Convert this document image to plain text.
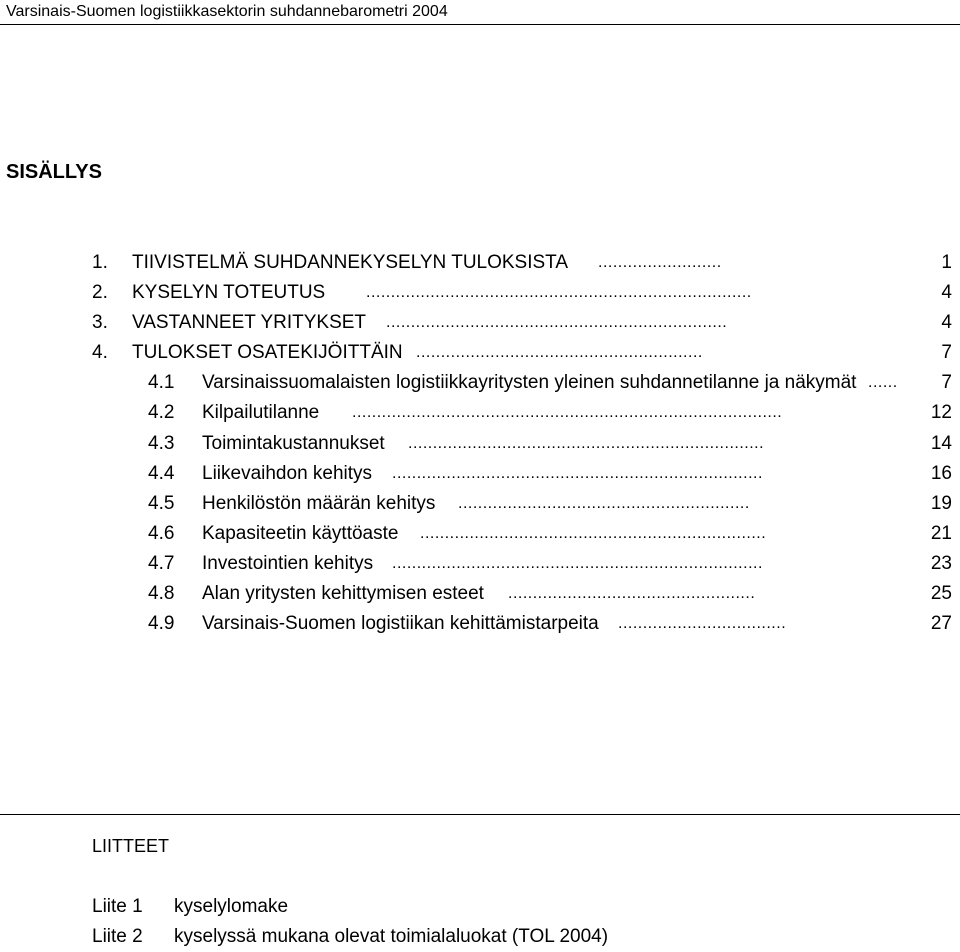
Varsinais-Suomen logistiikkasektorin suhdannebarometri 2004
SISÄLLYS
1. TIIVISTELMÄ SUHDANNEKYSELYN TULOKSISTA .........................	1
2. KYSELYN TOTEUTUS	..............................................................................	4
3. VASTANNEET YRITYKSET .....................................................................	4
4. TULOKSET OSATEKIJÖITTÄIN ..........................................................	7
4.1 Varsinaissuomalaisten logistiikkayritysten yleinen suhdannetilanne ja näkymät ......	7
4.2 Kilpailutilanne .......................................................................................	12
4.3 Toimintakustannukset ........................................................................	14
4.4 Liikevaihdon kehitys ...........................................................................	16
4.5 Henkilöstön määrän kehitys ...........................................................	19
4.6 Kapasiteetin käyttöaste ......................................................................	21
4.7 Investointien kehitys ...........................................................................	23
4.8 Alan yritysten kehittymisen esteet ..................................................	25
4.9 Varsinais-Suomen logistiikan kehittämistarpeita ..................................	27
LIITTEET
Liite 1 kyselylomake
Liite 2 kyselyssä mukana olevat toimialaluokat (TOL 2004)
